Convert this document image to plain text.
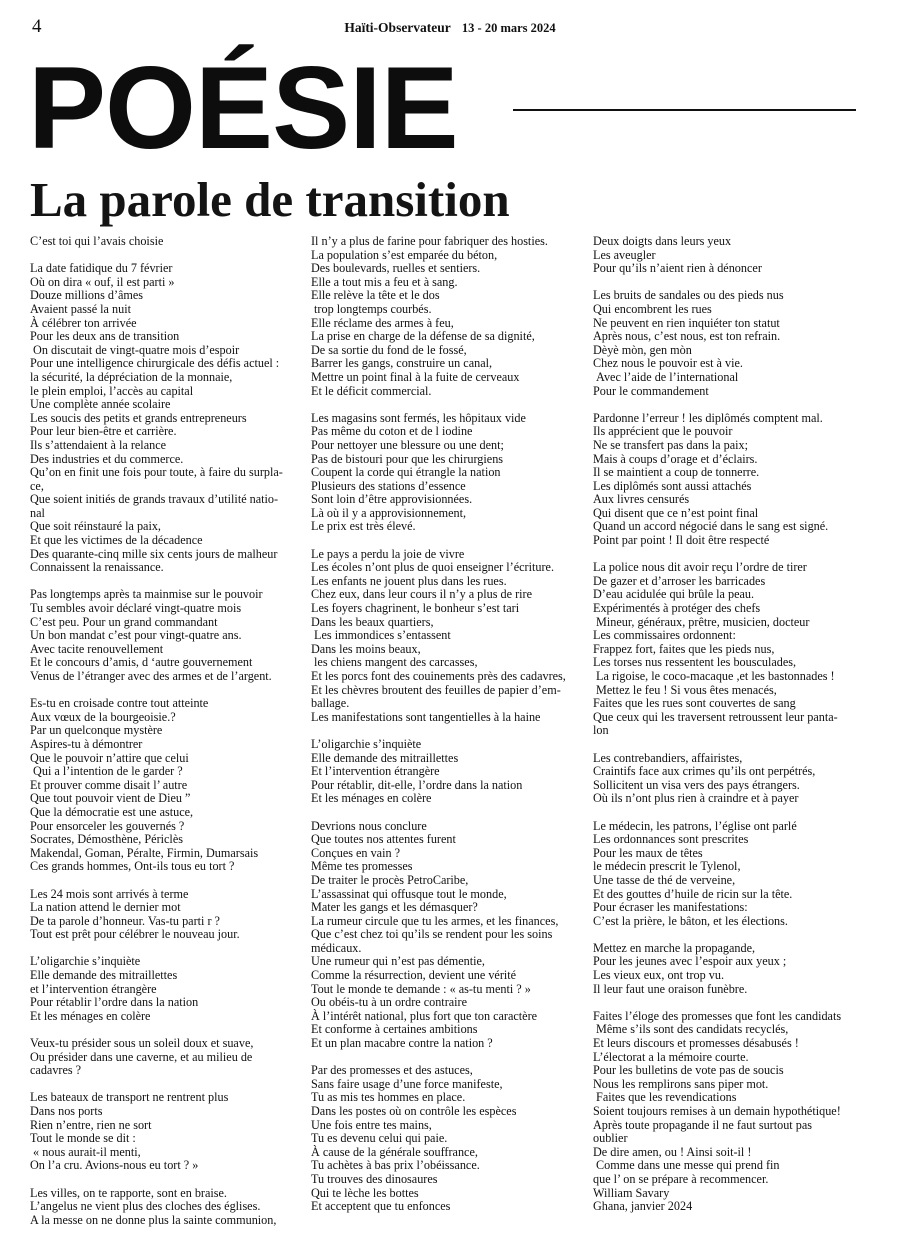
4	Haïti-Observateur 13 - 20 mars 2024
POÉSIE
La parole de transition
C’est toi qui l’avais choisie
La date fatidique du 7 février
Où on dira « ouf, il est parti »
Douze millions d’âmes
Avaient passé la nuit
À célébrer ton arrivée
Pour les deux ans de transition
On discutait de vingt-quatre mois d’espoir
Pour une intelligence chirurgicale des défis actuel :
la sécurité, la dépréciation de la monnaie,
le plein emploi, l’accès au capital
Une complète année scolaire
Les soucis des petits et grands entrepreneurs
Pour leur bien-être et carrière.
Ils s’attendaient à la relance
Des industries et du commerce.
Qu’on en finit une fois pour toute, à faire du surpla-
ce,
Que soient initiés de grands travaux d’utilité natio-
nal
Que soit réinstauré la paix,
Et que les victimes de la décadence
Des quarante-cinq mille six cents jours de malheur
Connaissent la renaissance.
Pas longtemps après ta mainmise sur le pouvoir
Tu sembles avoir déclaré vingt-quatre mois
C’est peu. Pour un grand commandant
Un bon mandat c’est pour vingt-quatre ans.
Avec tacite renouvellement
Et le concours d’amis, d ‘autre gouvernement
Venus de l’étranger avec des armes et de l’argent.
Es-tu en croisade contre tout atteinte
Aux vœux de la bourgeoisie.?
Par un quelconque mystère
Aspires-tu à démontrer
Que le pouvoir n’attire que celui
Qui a l’intention de le garder ?
Et prouver comme disait l’ autre
Que tout pouvoir vient de Dieu ”
Que la démocratie est une astuce,
Pour ensorceler les gouvernés ?
Socrates, Démosthène, Périclès
Makendal, Goman, Péralte, Firmin, Dumarsais
Ces grands hommes, Ont-ils tous eu tort ?
Les 24 mois sont arrivés à terme
La nation attend le dernier mot
De ta parole d’honneur. Vas-tu parti r ?
Tout est prêt pour célébrer le nouveau jour.
L’oligarchie s’inquiète
Elle demande des mitraillettes
et l’intervention étrangère
Pour rétablir l’ordre dans la nation
Et les ménages en colère
Veux-tu présider sous un soleil doux et suave,
Ou présider dans une caverne, et au milieu de
cadavres ?
Les bateaux de transport ne rentrent plus
Dans nos ports
Rien n’entre, rien ne sort
Tout le monde se dit :
« nous aurait-il menti,
On l’a cru. Avions-nous eu tort ? »
Les villes, on te rapporte, sont en braise.
L’angelus ne vient plus des cloches des églises.
A la messe on ne donne plus la sainte communion,
Il n’y a plus de farine pour fabriquer des hosties.
La population s’est emparée du béton,
Des boulevards, ruelles et sentiers.
Elle a tout mis a feu et à sang.
Elle relève la tête et le dos
trop longtemps courbés.
Elle réclame des armes à feu,
La prise en charge de la défense de sa dignité,
De sa sortie du fond de le fossé,
Barrer les gangs, construire un canal,
Mettre un point final à la fuite de cerveaux
Et le déficit commercial.
Les magasins sont fermés, les hôpitaux vide
Pas même du coton et de l iodine
Pour nettoyer une blessure ou une dent;
Pas de bistouri pour que les chirurgiens
Coupent la corde qui étrangle la nation
Plusieurs des stations d’essence
Sont loin d’être approvisionnées.
Là où il y a approvisionnement,
Le prix est très élevé.
Le pays a perdu la joie de vivre
Les écoles n’ont plus de quoi enseigner l’écriture.
Les enfants ne jouent plus dans les rues.
Chez eux, dans leur cours il n’y a plus de rire
Les foyers chagrinent, le bonheur s’est tari
Dans les beaux quartiers,
Les immondices s’entassent
Dans les moins beaux,
les chiens mangent des carcasses,
Et les porcs font des couinements près des cadavres,
Et les chèvres broutent des feuilles de papier d’em-
ballage.
Les manifestations sont tangentielles à la haine
L’oligarchie s’inquiète
Elle demande des mitraillettes
Et l’intervention étrangère
Pour rétablir, dit-elle, l’ordre dans la nation
Et les ménages en colère
Devrions nous conclure
Que toutes nos attentes furent
Conçues en vain ?
Même tes promesses
De traiter le procès PetroCaribe,
L’assassinat qui offusque tout le monde,
Mater les gangs et les démasquer?
La rumeur circule que tu les armes, et les finances,
Que c’est chez toi qu’ils se rendent pour les soins
médicaux.
Une rumeur qui n’est pas démentie,
Comme la résurrection, devient une vérité
Tout le monde te demande : « as-tu menti ? »
Ou obéis-tu à un ordre contraire
À l’intérêt national, plus fort que ton caractère
Et conforme à certaines ambitions
Et un plan macabre contre la nation ?
Par des promesses et des astuces,
Sans faire usage d’une force manifeste,
Tu as mis tes hommes en place.
Dans les postes où on contrôle les espèces
Une fois entre tes mains,
Tu es devenu celui qui paie.
À cause de la générale souffrance,
Tu achètes à bas prix l’obéissance.
Tu trouves des dinosaures
Qui te lèche les bottes
Et acceptent que tu enfonces
Deux doigts dans leurs yeux
Les aveugler
Pour qu’ils n’aient rien à dénoncer
Les bruits de sandales ou des pieds nus
Qui encombrent les rues
Ne peuvent en rien inquiéter ton statut
Après nous, c’est nous, est ton refrain.
Dèyè mòn, gen mòn
Chez nous le pouvoir est à vie.
Avec l’aide de l’international
Pour le commandement
Pardonne l’erreur ! les diplômés comptent mal.
Ils apprécient que le pouvoir
Ne se transfert pas dans la paix;
Mais à coups d’orage et d’éclairs.
Il se maintient a coup de tonnerre.
Les diplômés sont aussi attachés
Aux livres censurés
Qui disent que ce n’est point final
Quand un accord négocié dans le sang est signé.
Point par point ! Il doit être respecté
La police nous dit avoir reçu l’ordre de tirer
De gazer et d’arroser les barricades
D’eau acidulée qui brûle la peau.
Expérimentés à protéger des chefs
Mineur, généraux, prêtre, musicien, docteur
Les commissaires ordonnent:
Frappez fort, faites que les pieds nus,
Les torses nus ressentent les bousculades,
La rigoise, le coco-macaque ,et les bastonnades !
Mettez le feu ! Si vous êtes menacés,
Faites que les rues sont couvertes de sang
Que ceux qui les traversent retroussent leur panta-
lon
Les contrebandiers, affairistes,
Craintifs face aux crimes qu’ils ont perpétrés,
Sollicitent un visa vers des pays étrangers.
Où ils n’ont plus rien à craindre et à payer
Le médecin, les patrons, l’église ont parlé
Les ordonnances sont prescrites
Pour les maux de têtes
le médecin prescrit le Tylenol,
Une tasse de thé de verveine,
Et des gouttes d’huile de ricin sur la tête.
Pour écraser les manifestations:
C’est la prière, le bâton, et les élections.
Mettez en marche la propagande,
Pour les jeunes avec l’espoir aux yeux ;
Les vieux eux, ont trop vu.
Il leur faut une oraison funèbre.
Faites l’éloge des promesses que font les candidats
Même s’ils sont des candidats recyclés,
Et leurs discours et promesses désabusés !
L’électorat a la mémoire courte.
Pour les bulletins de vote pas de soucis
Nous les remplirons sans piper mot.
Faites que les revendications
Soient toujours remises à un demain hypothétique!
Après toute propagande il ne faut surtout pas
oublier
De dire amen, ou ! Ainsi soit-il !
Comme dans une messe qui prend fin
que l’ on se prépare à recommencer.
William Savary
Ghana, janvier 2024
